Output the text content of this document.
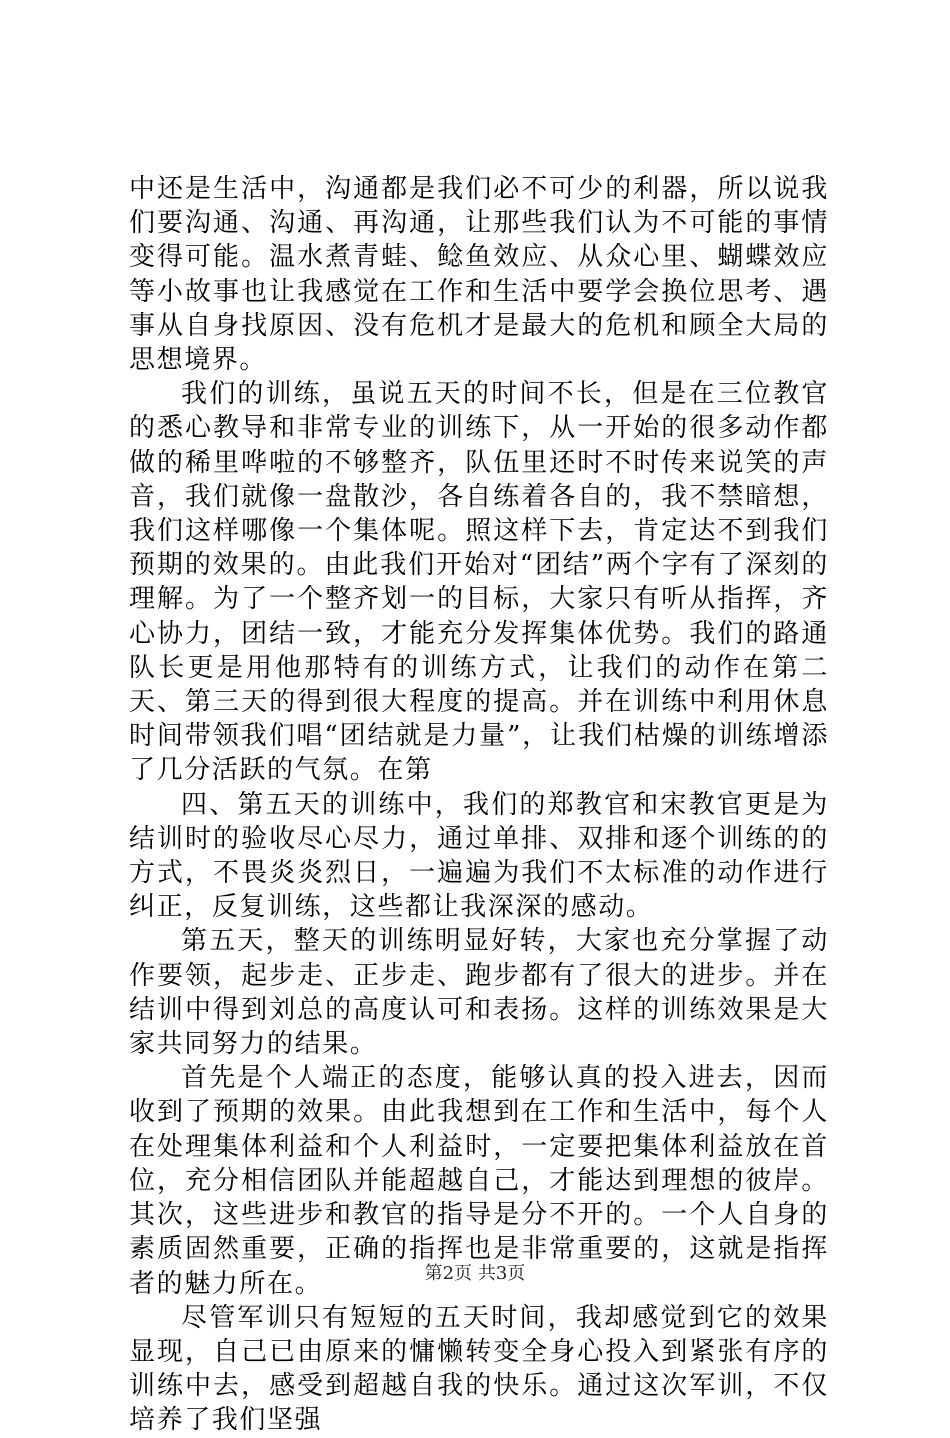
中还是生活中，沟通都是我们必不可少的利器，所以说我们要沟通、沟通、再沟通，让那些我们认为不可能的事情变得可能。温水煮青蛙、鲶鱼效应、从众心里、蝴蝶效应等小故事也让我感觉在工作和生活中要学会换位思考、遇事从自身找原因、没有危机才是最大的危机和顾全大局的思想境界。

我们的训练，虽说五天的时间不长，但是在三位教官的悉心教导和非常专业的训练下，从一开始的很多动作都做的稀里哗啦的不够整齐，队伍里还时不时传来说笑的声音，我们就像一盘散沙，各自练着各自的，我不禁暗想，我们这样哪像一个集体呢。照这样下去，肯定达不到我们预期的效果的。由此我们开始对“团结”两个字有了深刻的理解。为了一个整齐划一的目标，大家只有听从指挥，齐心协力，团结一致，才能充分发挥集体优势。我们的路通队长更是用他那特有的训练方式，让我们的动作在第二天、第三天的得到很大程度的提高。并在训练中利用休息时间带领我们唱“团结就是力量”，让我们枯燥的训练增添了几分活跃的气氛。在第

四、第五天的训练中，我们的郑教官和宋教官更是为结训时的验收尽心尽力，通过单排、双排和逐个训练的的方式，不畏炎炎烈日，一遍遍为我们不太标准的动作进行纠正，反复训练，这些都让我深深的感动。

第五天，整天的训练明显好转，大家也充分掌握了动作要领，起步走、正步走、跑步都有了很大的进步。并在结训中得到刘总的高度认可和表扬。这样的训练效果是大家共同努力的结果。

首先是个人端正的态度，能够认真的投入进去，因而收到了预期的效果。由此我想到在工作和生活中，每个人在处理集体利益和个人利益时，一定要把集体利益放在首位，充分相信团队并能超越自己，才能达到理想的彼岸。其次，这些进步和教官的指导是分不开的。一个人自身的素质固然重要，正确的指挥也是非常重要的，这就是指挥者的魅力所在。

尽管军训只有短短的五天时间，我却感觉到它的效果显现，自己已由原来的慵懒转变全身心投入到紧张有序的训练中去，感受到超越自我的快乐。通过这次军训，不仅培养了我们坚强

第2页 共3页
